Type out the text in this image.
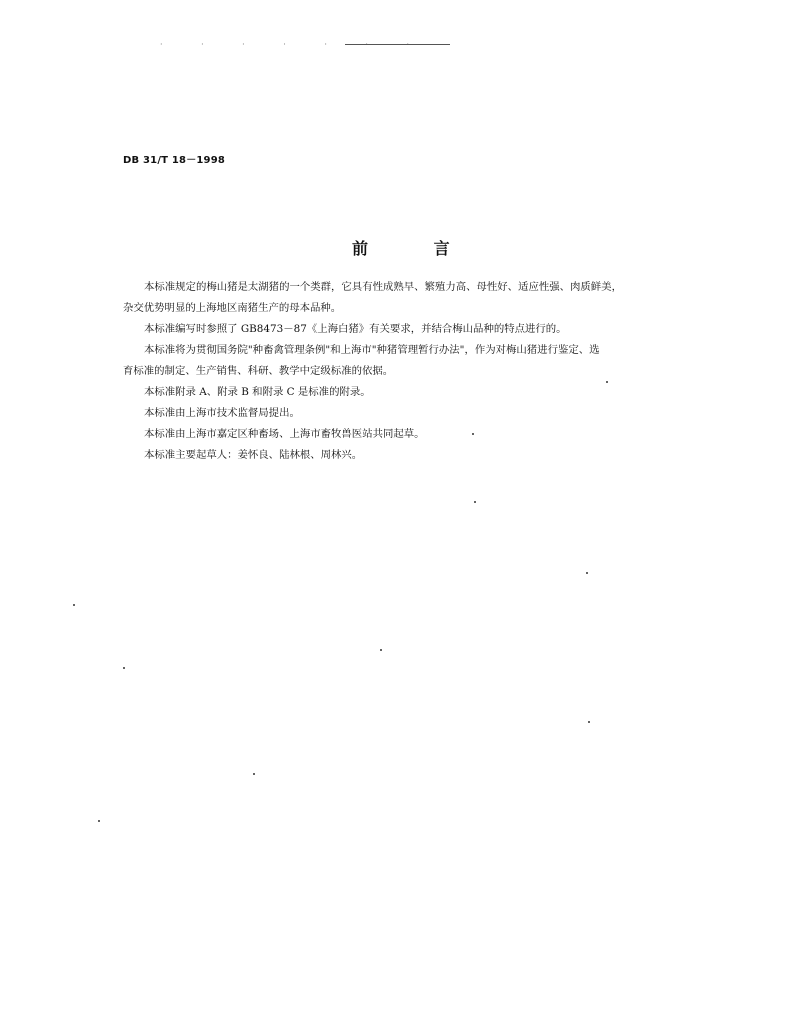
· · · · · · ·
DB 31/T 18－1998
前 言

本标准规定的梅山猪是太湖猪的一个类群，它具有性成熟早、繁殖力高、母性好、适应性强、肉质鲜美，
杂交优势明显的上海地区南猪生产的母本品种。

本标准编写时参照了 GB8473－87《上海白猪》有关要求，并结合梅山品种的特点进行的。

本标准将为贯彻国务院"种畜禽管理条例"和上海市"种猪管理暂行办法"，作为对梅山猪进行鉴定、选
育标准的制定、生产销售、科研、教学中定级标准的依据。

本标准附录 A、附录 B 和附录 C 是标准的附录。

本标准由上海市技术监督局提出。

本标准由上海市嘉定区种畜场、上海市畜牧兽医站共同起草。

本标准主要起草人：姜怀良、陆林根、周林兴。
